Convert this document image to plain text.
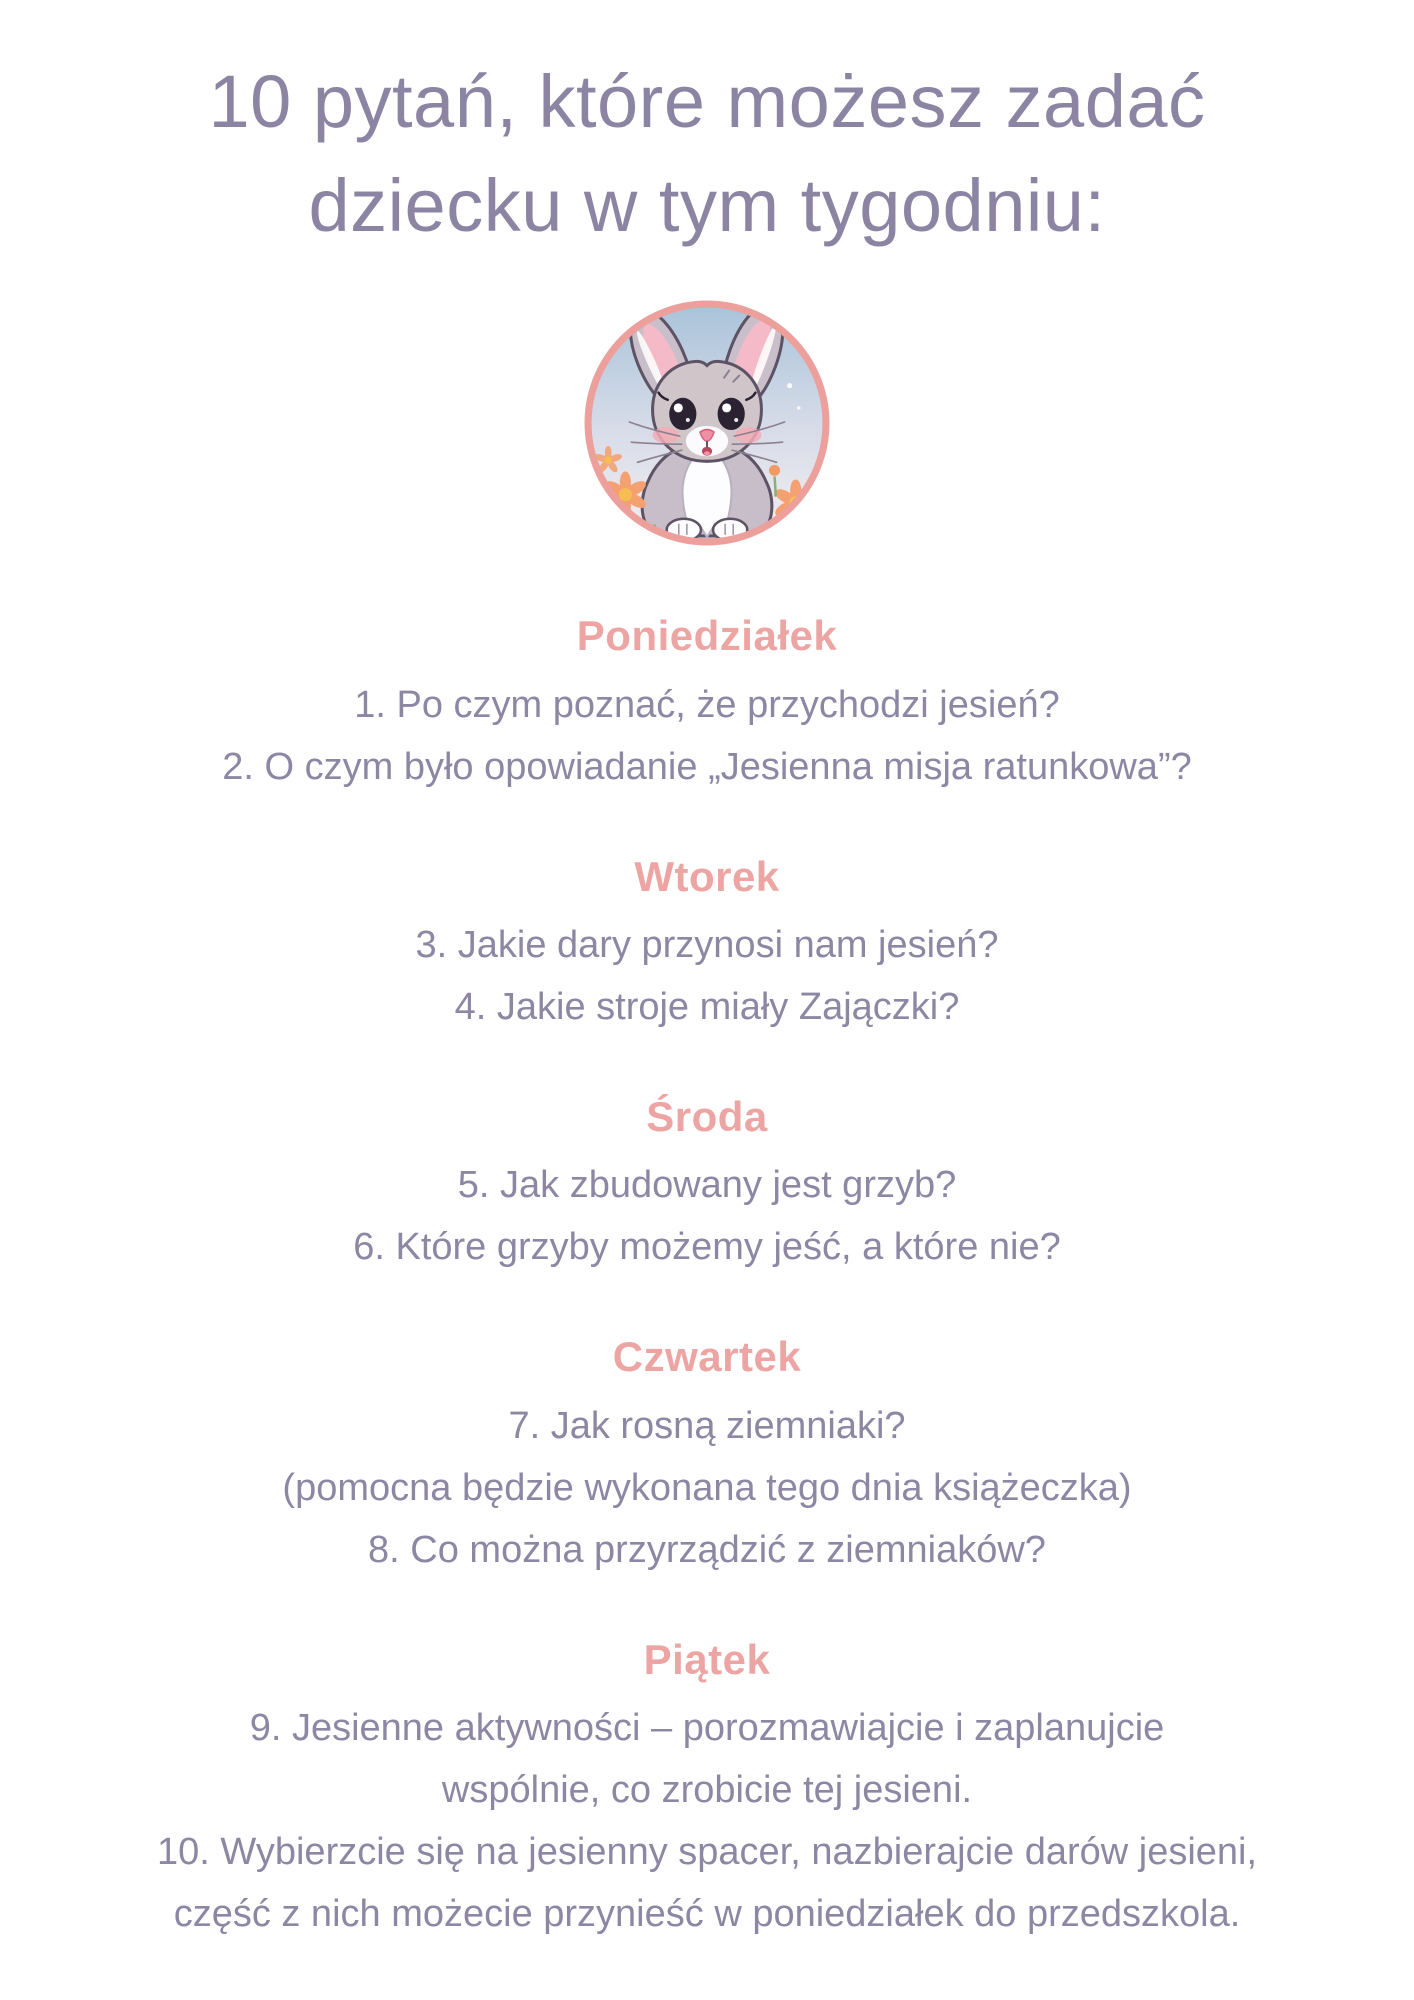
10 pytań, które możesz zadać
dziecku w tym tygodniu:
Poniedziałek

1. Po czym poznać, że przychodzi jesień?

2. O czym było opowiadanie „Jesienna misja ratunkowa”?

Wtorek

3. Jakie dary przynosi nam jesień?

4. Jakie stroje miały Zajączki?

Środa

5. Jak zbudowany jest grzyb?

6. Które grzyby możemy jeść, a które nie?

Czwartek

7. Jak rosną ziemniaki?

(pomocna będzie wykonana tego dnia książeczka)

8. Co można przyrządzić z ziemniaków?

Piątek

9. Jesienne aktywności – porozmawiajcie i zaplanujcie

wspólnie, co zrobicie tej jesieni.

10. Wybierzcie się na jesienny spacer, nazbierajcie darów jesieni,

część z nich możecie przynieść w poniedziałek do przedszkola.
